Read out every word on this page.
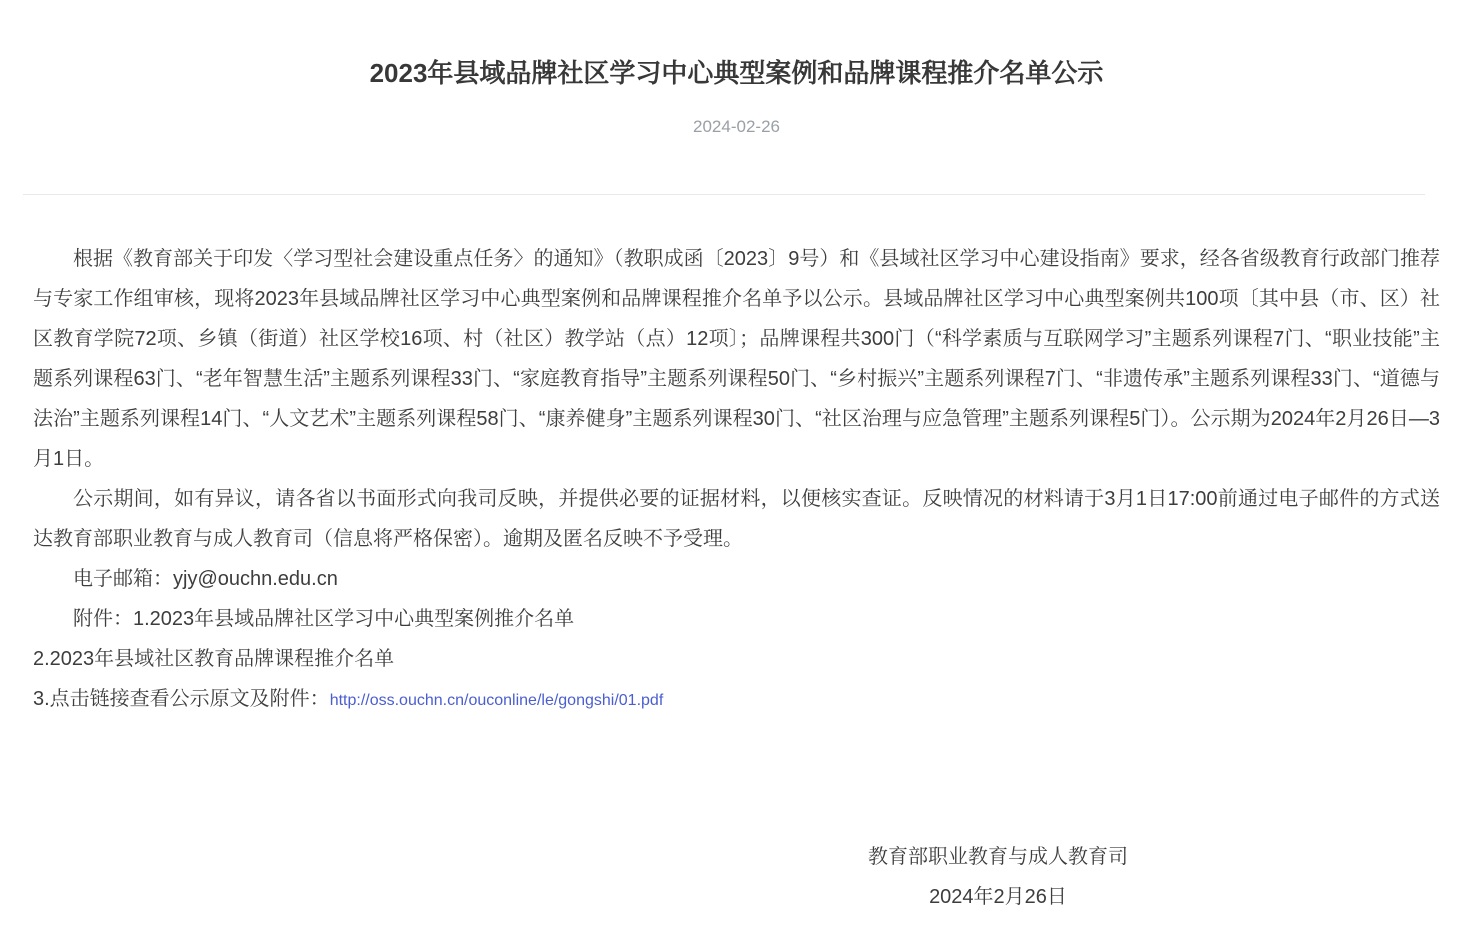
2023年县域品牌社区学习中心典型案例和品牌课程推介名单公示
2024-02-26

根据《教育部关于印发〈学习型社会建设重点任务〉的通知》（教职成函〔2023〕9号）和《县域社区学习中心建设指南》要求，经各省级教育行政部门推荐与专家工作组审核，现将2023年县域品牌社区学习中心典型案例和品牌课程推介名单予以公示。县域品牌社区学习中心典型案例共100项〔其中县（市、区）社区教育学院72项、乡镇（街道）社区学校16项、村（社区）教学站（点）12项〕；品牌课程共300门（“科学素质与互联网学习”主题系列课程7门、“职业技能”主题系列课程63门、“老年智慧生活”主题系列课程33门、“家庭教育指导”主题系列课程50门、“乡村振兴”主题系列课程7门、“非遗传承”主题系列课程33门、“道德与法治”主题系列课程14门、“人文艺术”主题系列课程58门、“康养健身”主题系列课程30门、“社区治理与应急管理”主题系列课程5门）。公示期为2024年2月26日—3月1日。

公示期间，如有异议，请各省以书面形式向我司反映，并提供必要的证据材料，以便核实查证。反映情况的材料请于3月1日17:00前通过电子邮件的方式送达教育部职业教育与成人教育司（信息将严格保密）。逾期及匿名反映不予受理。

电子邮箱：yjy@ouchn.edu.cn

附件：1.2023年县域品牌社区学习中心典型案例推介名单

2.2023年县域社区教育品牌课程推介名单

3.点击链接查看公示原文及附件：http://oss.ouchn.cn/ouconline/le/gongshi/01.pdf

教育部职业教育与成人教育司

2024年2月26日
